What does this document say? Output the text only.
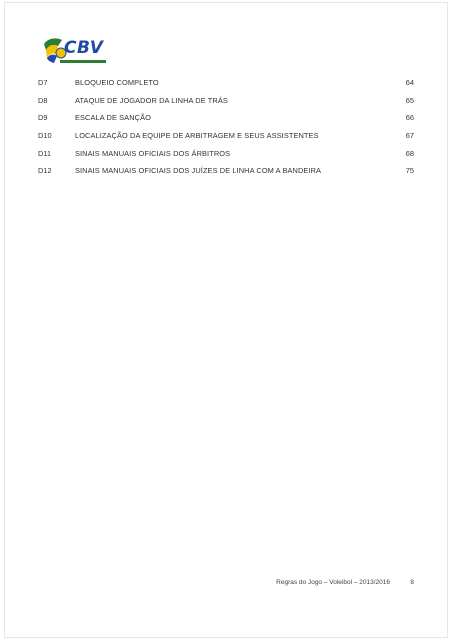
CBV
D7	BLOQUEIO COMPLETO	64
D8	ATAQUE DE JOGADOR DA LINHA DE TRÁS	65
D9	ESCALA DE SANÇÃO	66
D10	LOCALIZAÇÃO DA EQUIPE DE ARBITRAGEM E SEUS ASSISTENTES	67
D11	SINAIS MANUAIS OFICIAIS DOS ÁRBITROS	68
D12	SINAIS MANUAIS OFICIAIS DOS JUÍZES DE LINHA COM A BANDEIRA	75
Regras do Jogo – Voleibol – 2013/2016	8
